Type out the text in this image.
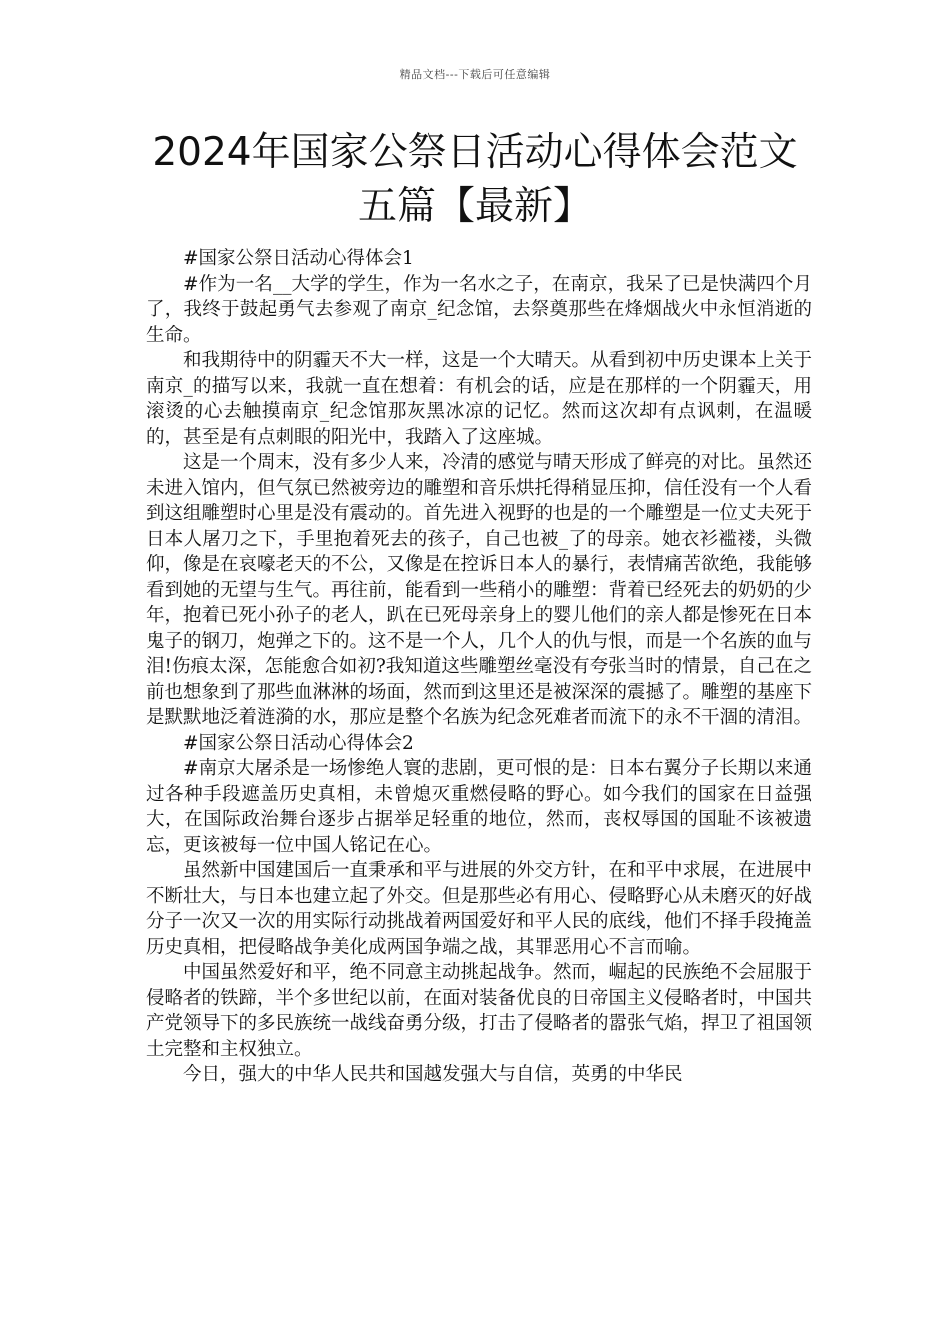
精品文档---下载后可任意编辑
2024年国家公祭日活动心得体会范文五篇【最新】

#国家公祭日活动心得体会1

#作为一名__大学的学生，作为一名水之子，在南京，我呆了已是快满四个月了，我终于鼓起勇气去参观了南京_纪念馆，去祭奠那些在烽烟战火中永恒消逝的生命。

和我期待中的阴霾天不大一样，这是一个大晴天。从看到初中历史课本上关于南京_的描写以来，我就一直在想着：有机会的话，应是在那样的一个阴霾天，用滚烫的心去触摸南京_纪念馆那灰黑冰凉的记忆。然而这次却有点讽刺，在温暖的，甚至是有点刺眼的阳光中，我踏入了这座城。

这是一个周末，没有多少人来，冷清的感觉与晴天形成了鲜亮的对比。虽然还未进入馆内，但气氛已然被旁边的雕塑和音乐烘托得稍显压抑，信任没有一个人看到这组雕塑时心里是没有震动的。首先进入视野的也是的一个雕塑是一位丈夫死于日本人屠刀之下，手里抱着死去的孩子，自己也被_了的母亲。她衣衫褴褛，头微仰，像是在哀嚎老天的不公，又像是在控诉日本人的暴行，表情痛苦欲绝，我能够看到她的无望与生气。再往前，能看到一些稍小的雕塑：背着已经死去的奶奶的少年，抱着已死小孙子的老人，趴在已死母亲身上的婴儿他们的亲人都是惨死在日本鬼子的钢刀，炮弹之下的。这不是一个人，几个人的仇与恨，而是一个名族的血与泪!伤痕太深，怎能愈合如初?我知道这些雕塑丝毫没有夸张当时的情景，自己在之前也想象到了那些血淋淋的场面，然而到这里还是被深深的震撼了。雕塑的基座下是默默地泛着涟漪的水，那应是整个名族为纪念死难者而流下的永不干涸的清泪。

#国家公祭日活动心得体会2

#南京大屠杀是一场惨绝人寰的悲剧，更可恨的是：日本右翼分子长期以来通过各种手段遮盖历史真相，未曾熄灭重燃侵略的野心。如今我们的国家在日益强大，在国际政治舞台逐步占据举足轻重的地位，然而，丧权辱国的国耻不该被遗忘，更该被每一位中国人铭记在心。

虽然新中国建国后一直秉承和平与进展的外交方针，在和平中求展，在进展中不断壮大，与日本也建立起了外交。但是那些必有用心、侵略野心从未磨灭的好战分子一次又一次的用实际行动挑战着两国爱好和平人民的底线，他们不择手段掩盖历史真相，把侵略战争美化成两国争端之战，其罪恶用心不言而喻。

中国虽然爱好和平，绝不同意主动挑起战争。然而，崛起的民族绝不会屈服于侵略者的铁蹄，半个多世纪以前，在面对装备优良的日帝国主义侵略者时，中国共产党领导下的多民族统一战线奋勇分级，打击了侵略者的嚣张气焰，捍卫了祖国领土完整和主权独立。

今日，强大的中华人民共和国越发强大与自信，英勇的中华民
